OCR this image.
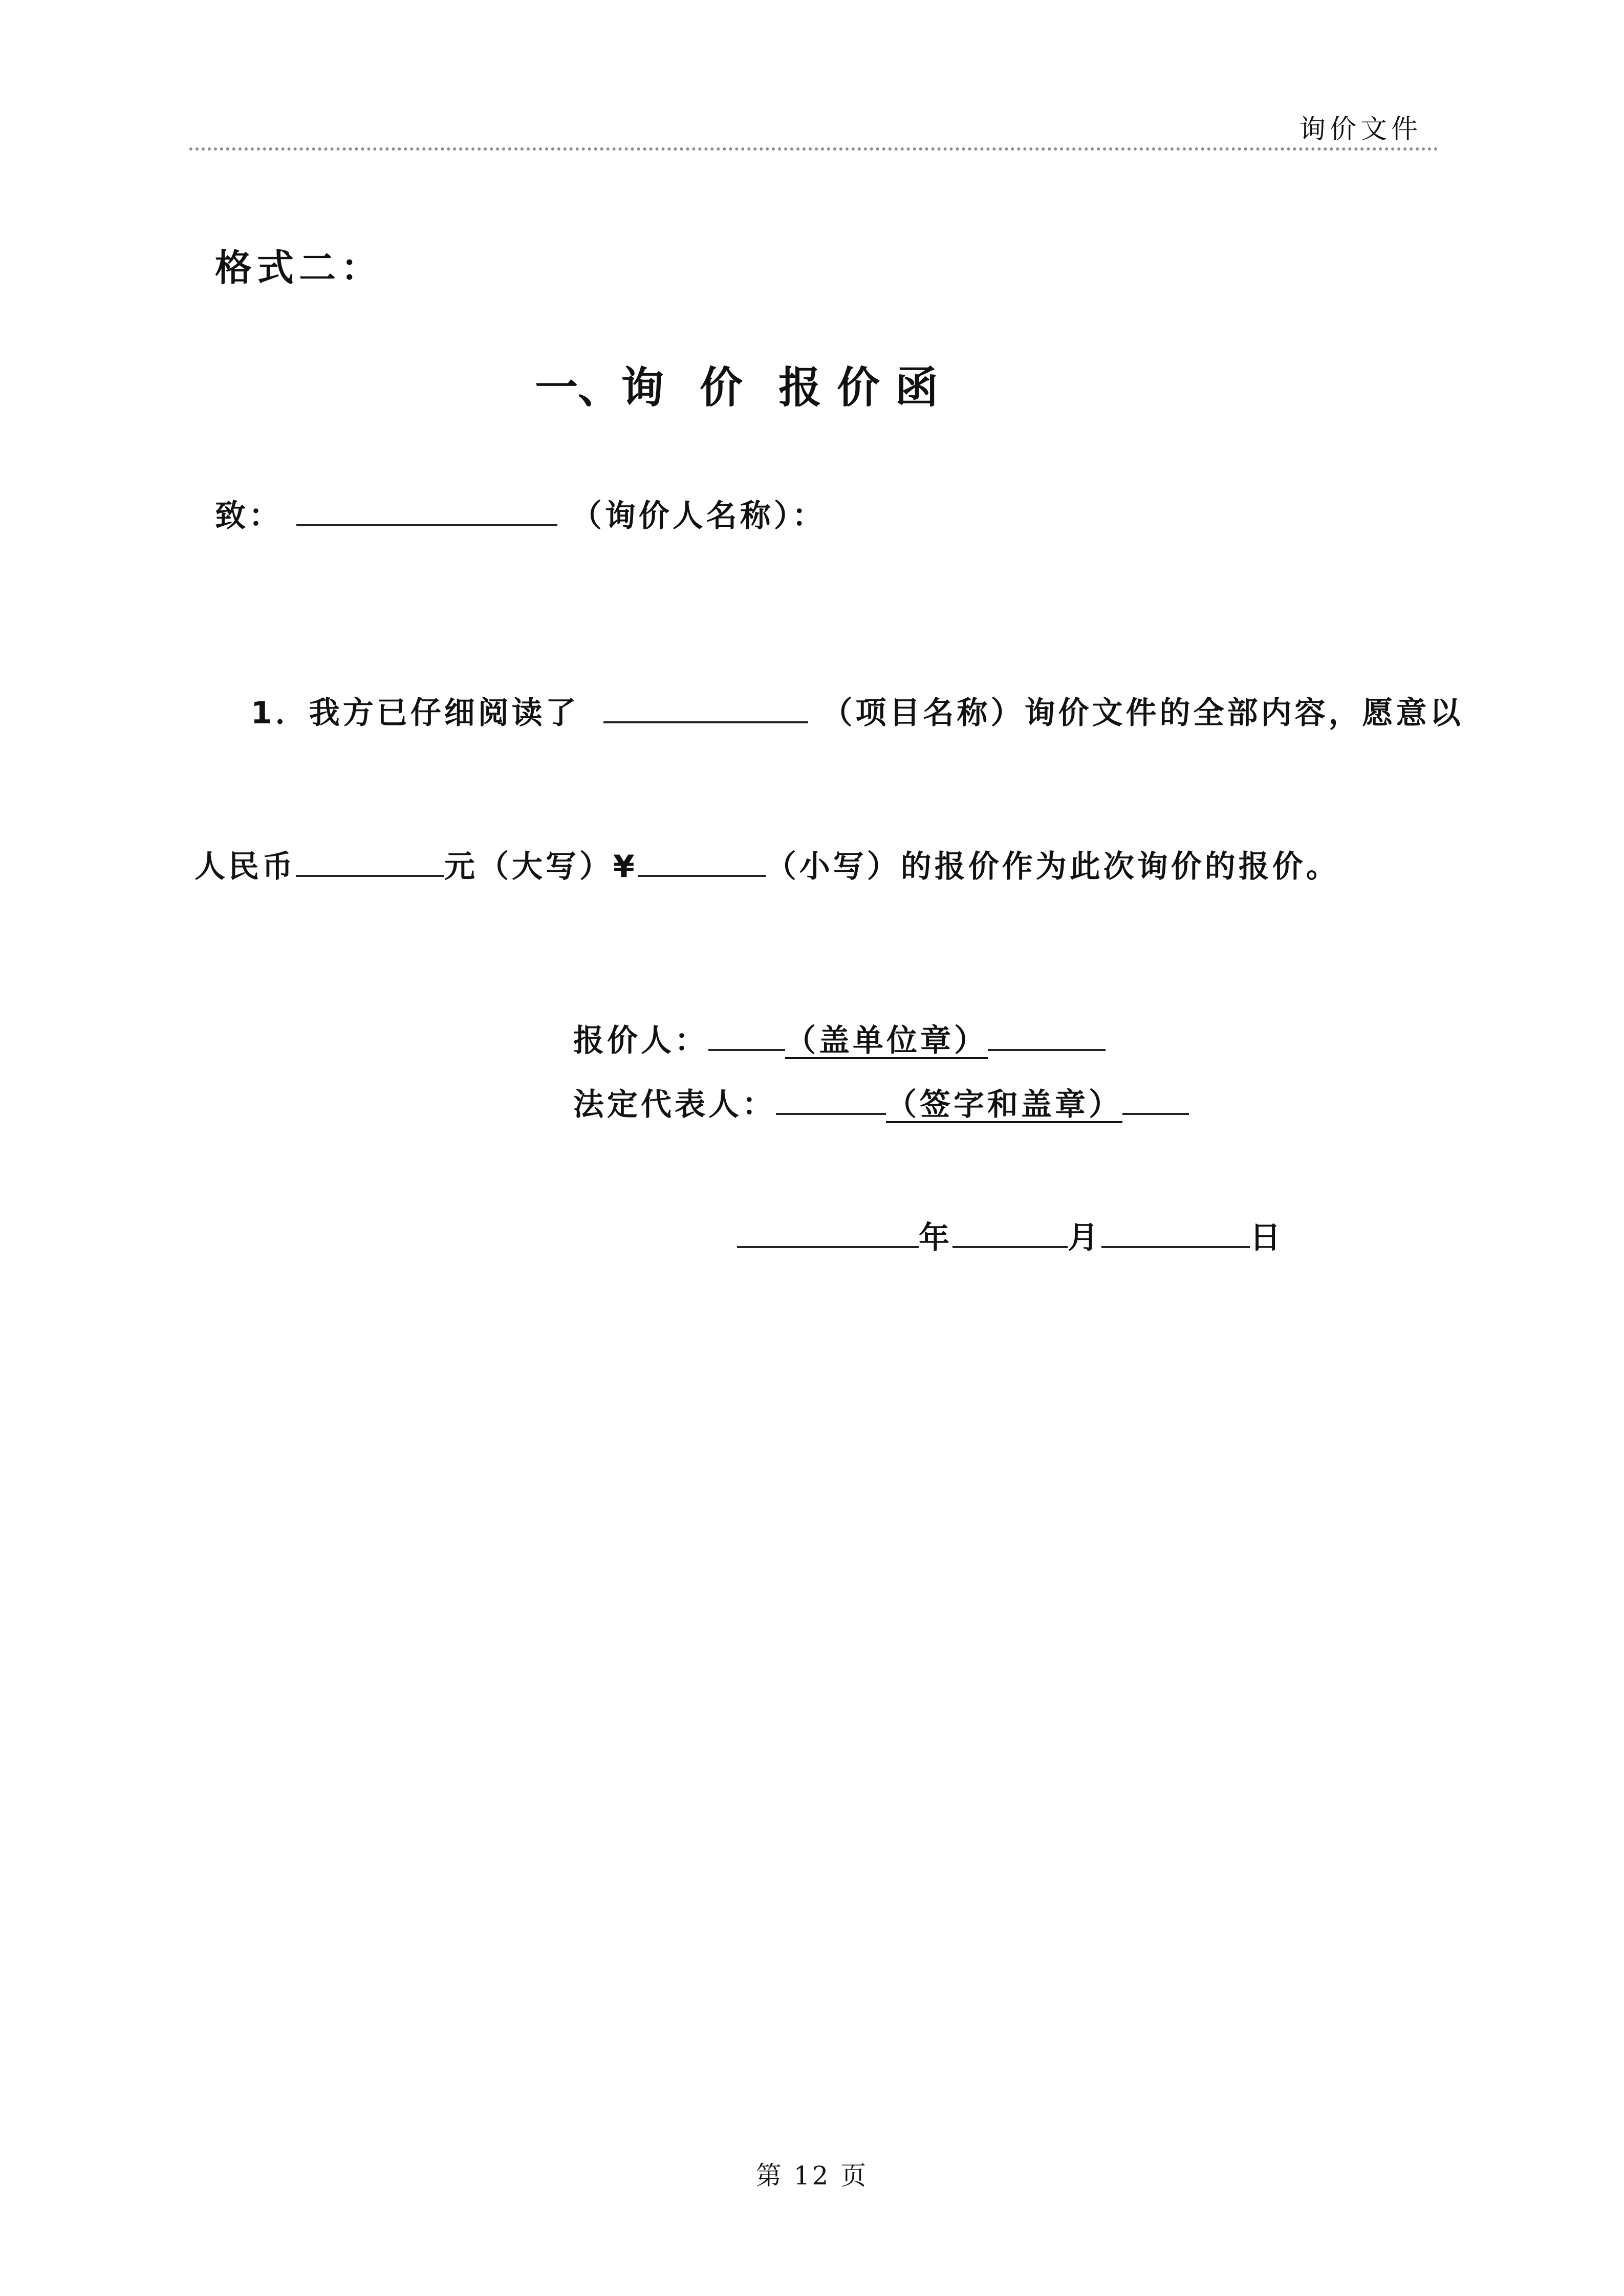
询价文件
格式二：
一、询 价 报价函
致：	（询价人名称）：
1．我方已仔细阅读了	（项目名称）询价文件的全部内容，愿意以
人民币	元（大写）¥	（小写）的报价作为此次询价的报价。
报价人：	（盖单位章）
法定代表人：	（签字和盖章）
年	月	日
第 12 页
